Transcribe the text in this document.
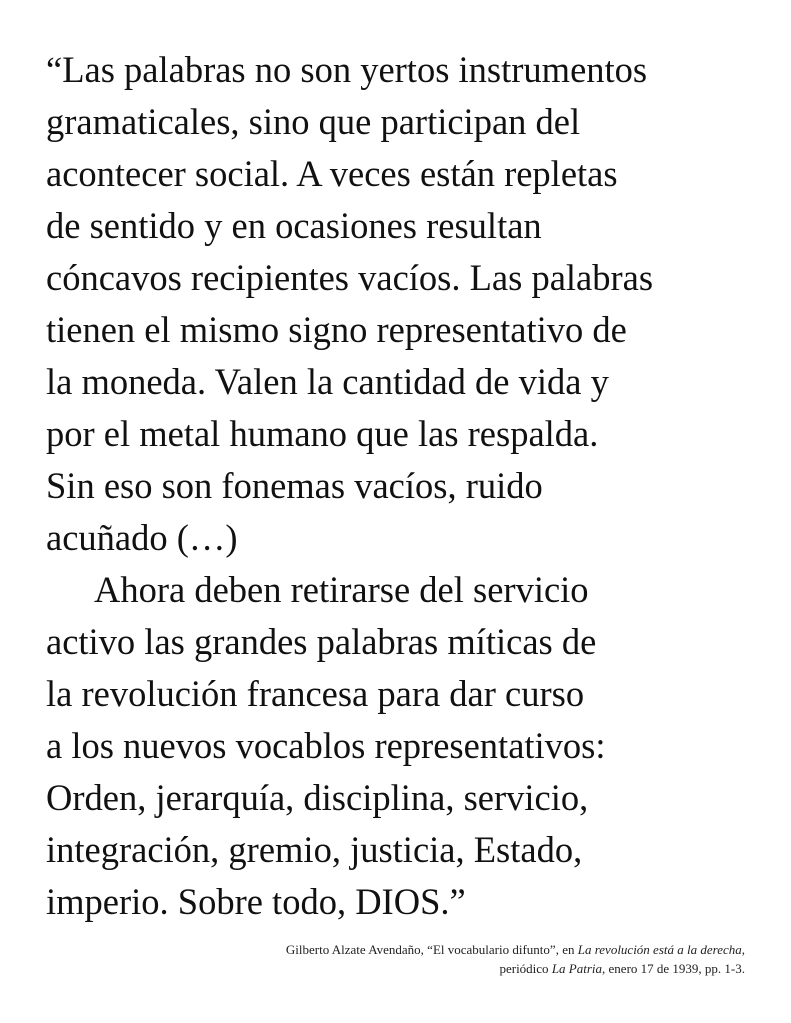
“Las palabras no son yertos instrumentos
gramaticales, sino que participan del
acontecer social. A veces están repletas
de sentido y en ocasiones resultan
cóncavos recipientes vacíos. Las palabras
tienen el mismo signo representativo de
la moneda. Valen la cantidad de vida y
por el metal humano que las respalda.
Sin eso son fonemas vacíos, ruido
acuñado (…)
Ahora deben retirarse del servicio
activo las grandes palabras míticas de
la revolución francesa para dar curso
a los nuevos vocablos representativos:
Orden, jerarquía, disciplina, servicio,
integración, gremio, justicia, Estado,
imperio. Sobre todo, DIOS.”
Gilberto Alzate Avendaño, “El vocabulario difunto”, en La revolución está a la derecha,
periódico La Patria, enero 17 de 1939, pp. 1-3.
